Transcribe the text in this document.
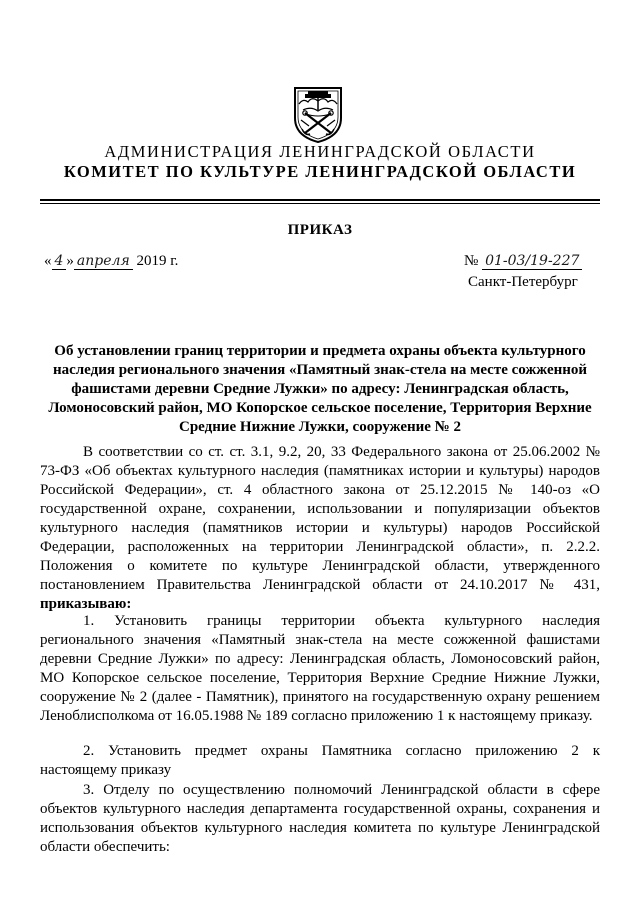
АДМИНИСТРАЦИЯ ЛЕНИНГРАДСКОЙ ОБЛАСТИ
КОМИТЕТ ПО КУЛЬТУРЕ ЛЕНИНГРАДСКОЙ ОБЛАСТИ
ПРИКАЗ
« 4 » апреля 2019 г.	№ 01-03/19-227
Санкт-Петербург
Об установлении границ территории и предмета охраны объекта культурного наследия регионального значения «Памятный знак-стела на месте сожженной фашистами деревни Средние Лужки» по адресу: Ленинградская область, Ломоносовский район, МО Копорское сельское поселение, Территория Верхние Средние Нижние Лужки, сооружение № 2

В соответствии со ст. ст. 3.1, 9.2, 20, 33 Федерального закона от 25.06.2002 № 73-ФЗ «Об объектах культурного наследия (памятниках истории и культуры) народов Российской Федерации», ст. 4 областного закона от 25.12.2015 № 140-оз «О государственной охране, сохранении, использовании и популяризации объектов культурного наследия (памятников истории и культуры) народов Российской Федерации, расположенных на территории Ленинградской области», п. 2.2.2. Положения о комитете по культуре Ленинградской области, утвержденного постановлением Правительства Ленинградской области от 24.10.2017 № 431, приказываю:

1. Установить границы территории объекта культурного наследия регионального значения «Памятный знак-стела на месте сожженной фашистами деревни Средние Лужки» по адресу: Ленинградская область, Ломоносовский район, МО Копорское сельское поселение, Территория Верхние Средние Нижние Лужки, сооружение № 2 (далее - Памятник), принятого на государственную охрану решением Леноблисполкома от 16.05.1988 № 189 согласно приложению 1 к настоящему приказу.

2. Установить предмет охраны Памятника согласно приложению 2 к настоящему приказу

3. Отделу по осуществлению полномочий Ленинградской области в сфере объектов культурного наследия департамента государственной охраны, сохранения и использования объектов культурного наследия комитета по культуре Ленинградской области обеспечить:
